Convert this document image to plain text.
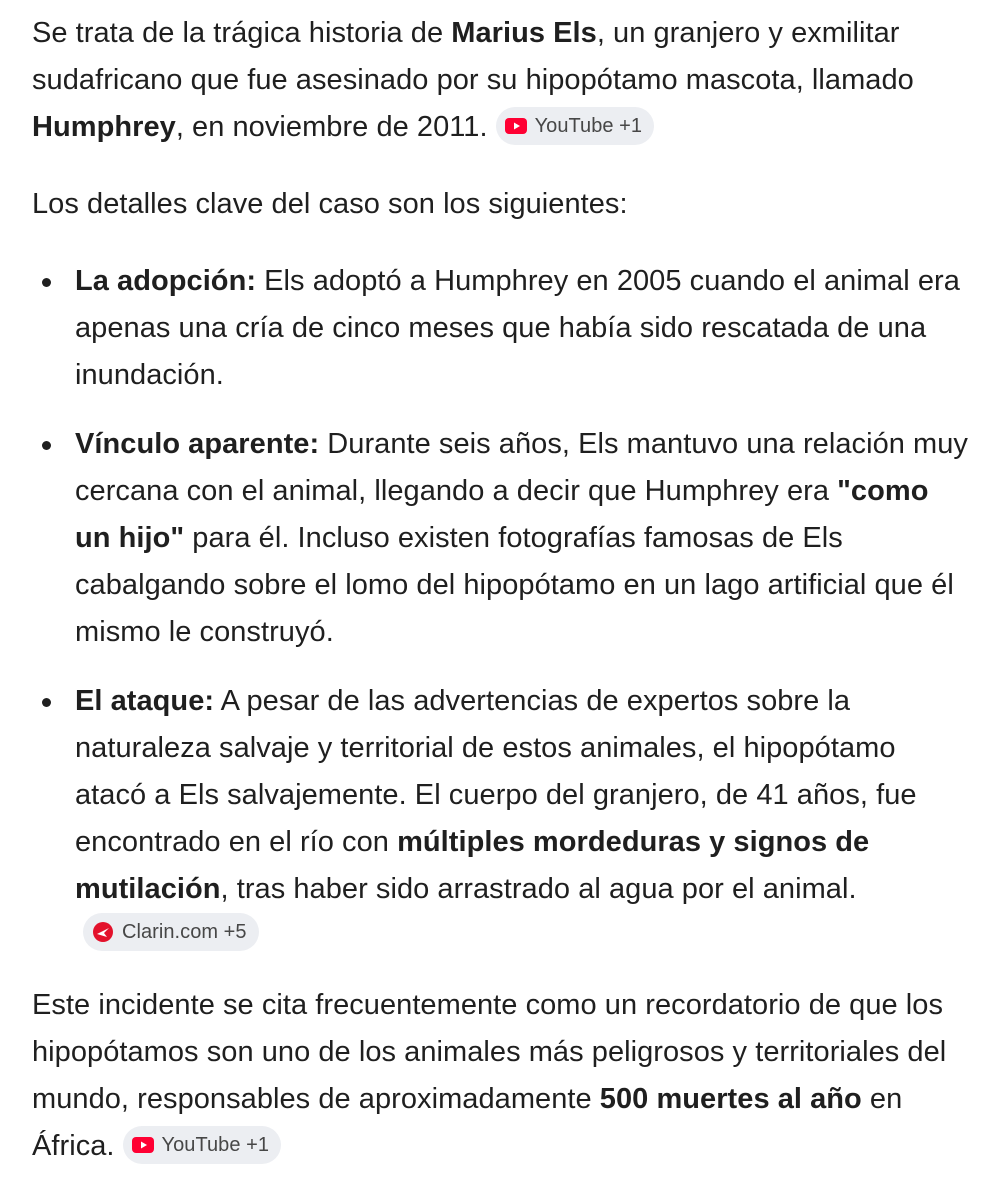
Se trata de la trágica historia de Marius Els, un granjero y exmilitar sudafricano que fue asesinado por su hipopótamo mascota, llamado Humphrey, en noviembre de 2011. YouTube +1

Los detalles clave del caso son los siguientes:

La adopción: Els adoptó a Humphrey en 2005 cuando el animal era apenas una cría de cinco meses que había sido rescatada de una inundación.
Vínculo aparente: Durante seis años, Els mantuvo una relación muy cercana con el animal, llegando a decir que Humphrey era "como un hijo" para él. Incluso existen fotografías famosas de Els cabalgando sobre el lomo del hipopótamo en un lago artificial que él mismo le construyó.
El ataque: A pesar de las advertencias de expertos sobre la naturaleza salvaje y territorial de estos animales, el hipopótamo atacó a Els salvajemente. El cuerpo del granjero, de 41 años, fue encontrado en el río con múltiples mordeduras y signos de mutilación, tras haber sido arrastrado al agua por el animal.
Clarin.com +5

Este incidente se cita frecuentemente como un recordatorio de que los hipopótamos son uno de los animales más peligrosos y territoriales del mundo, responsables de aproximadamente 500 muertes al año en África. YouTube +1
